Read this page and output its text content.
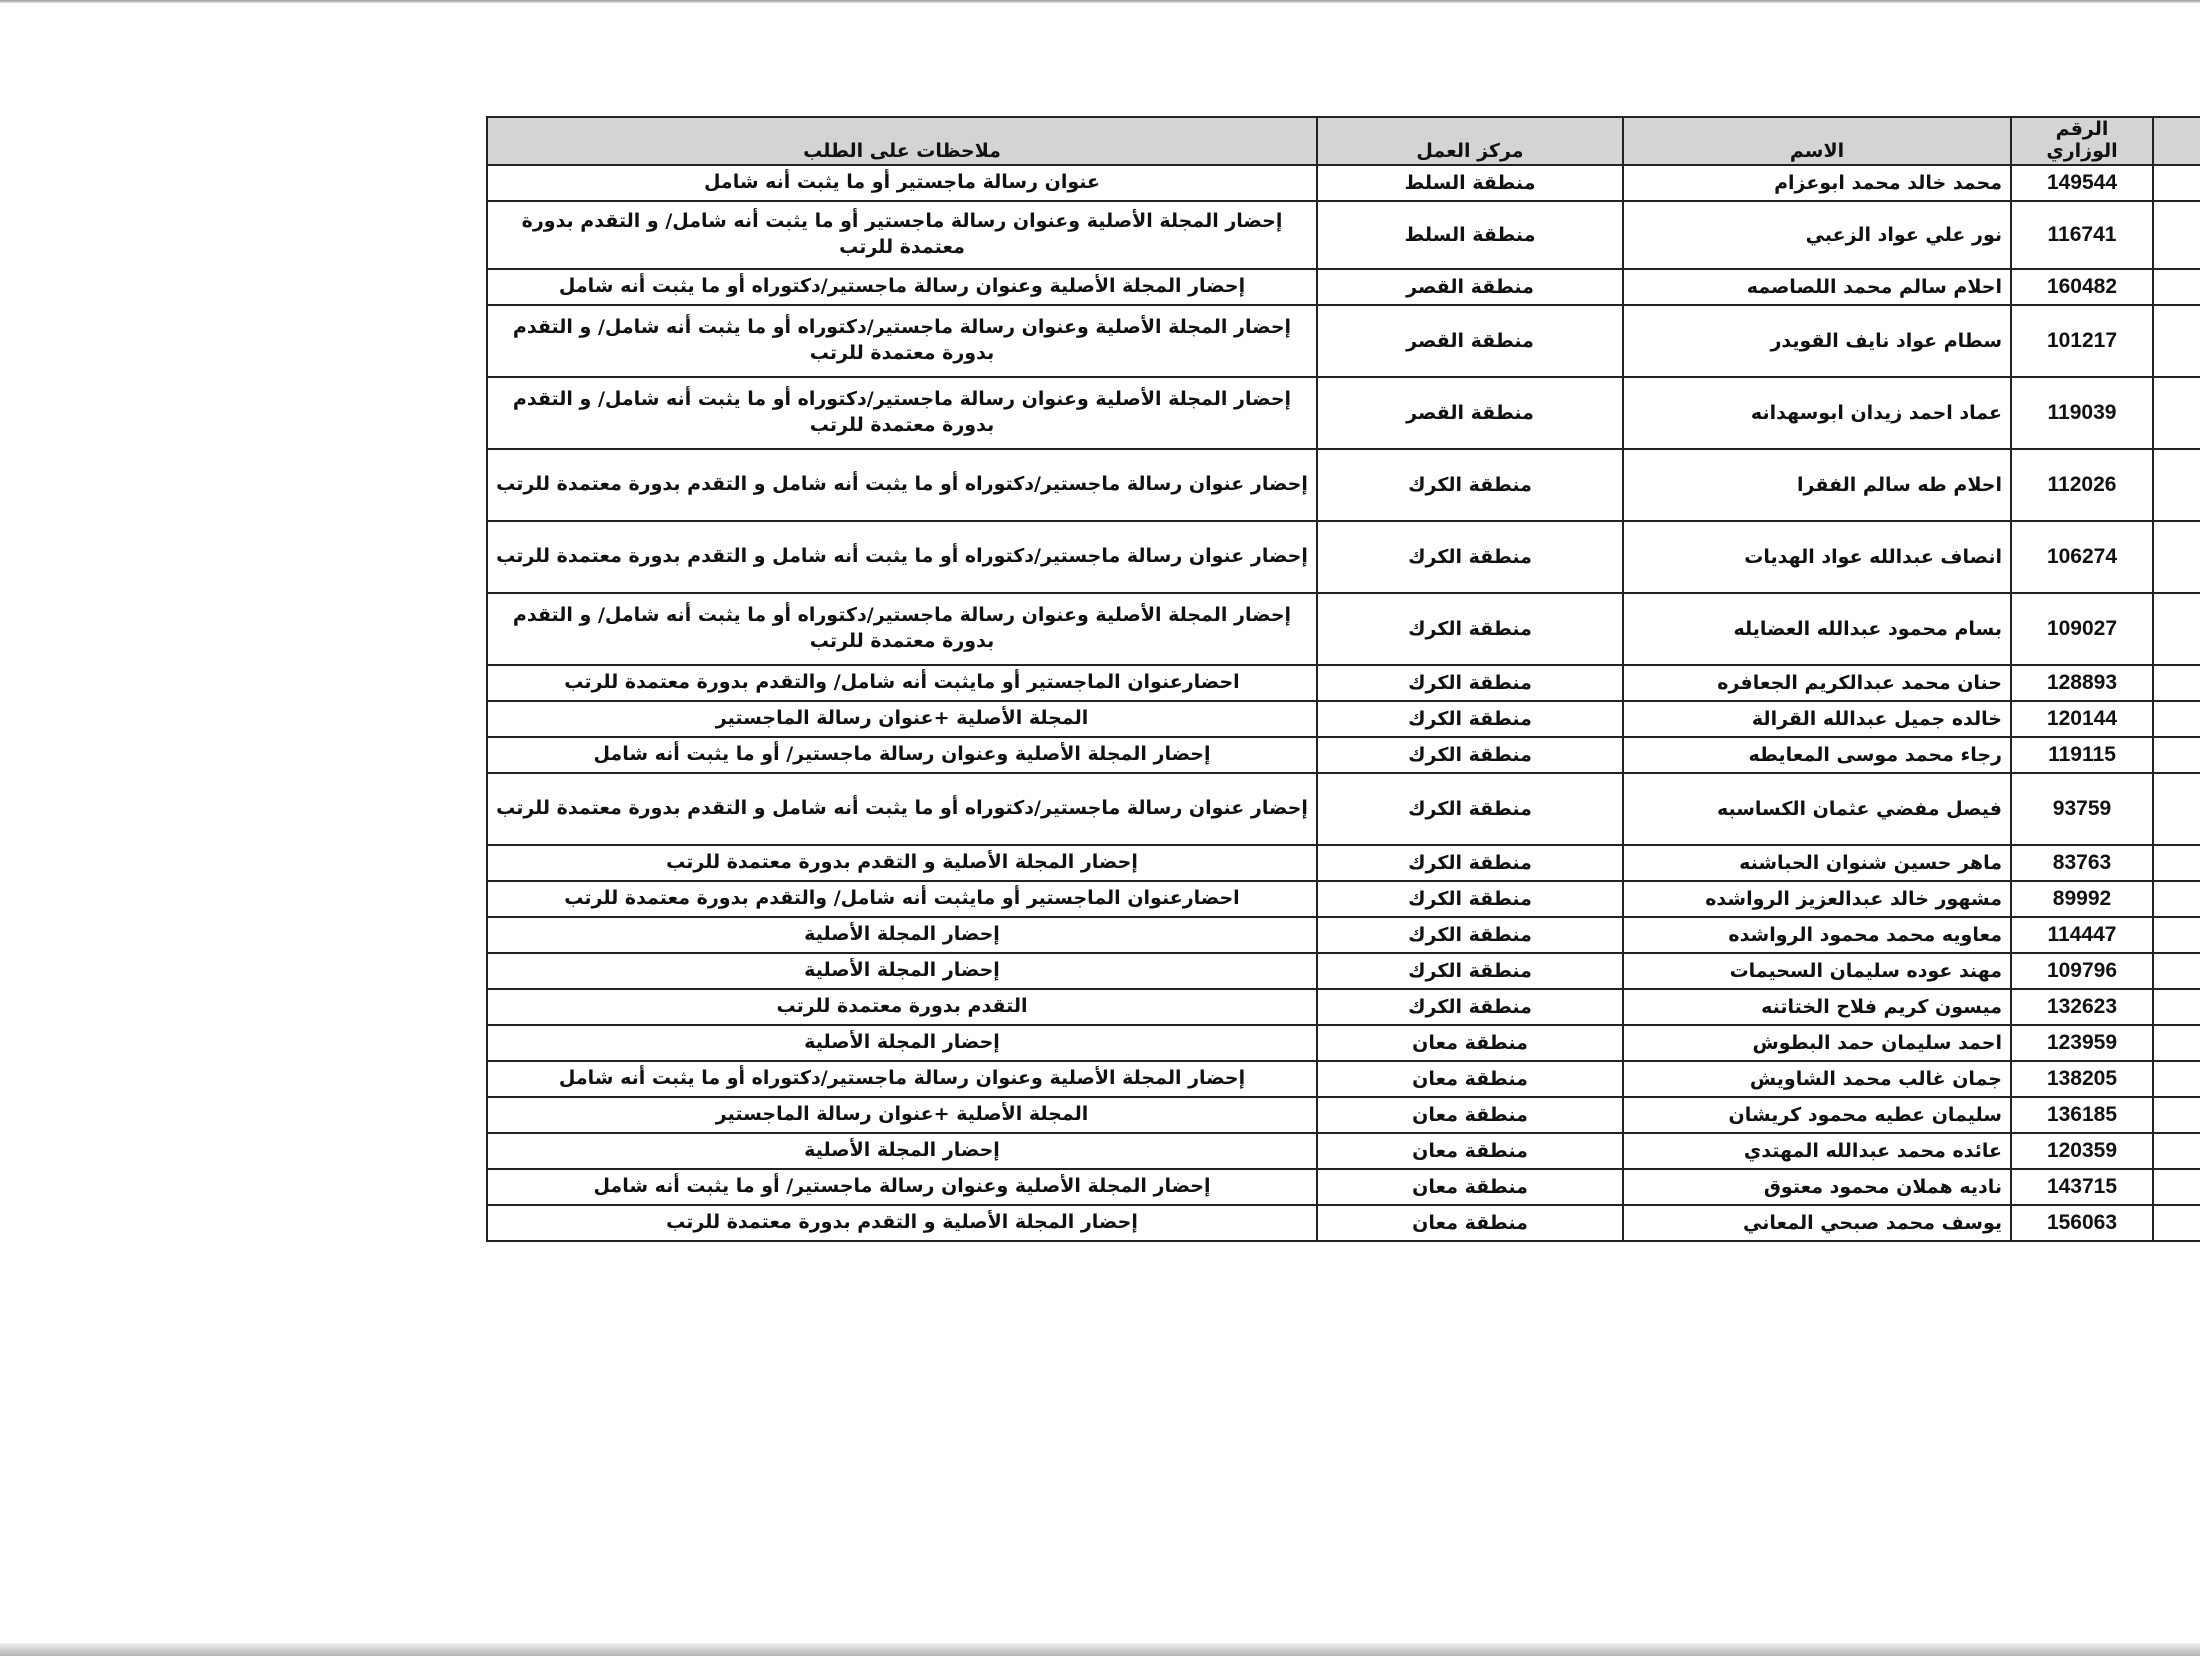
	الرقم الوزاري	الاسم	مركز العمل	ملاحظات على الطلب
	149544	محمد خالد محمد ابوعزام	منطقة السلط	عنوان رسالة ماجستير أو ما يثبت أنه شامل
	116741	نور علي عواد الزعبي	منطقة السلط	إحضار المجلة الأصلية وعنوان رسالة ماجستير أو ما يثبت أنه شامل/ و التقدم بدورة معتمدة للرتب
	160482	احلام سالم محمد اللصاصمه	منطقة القصر	إحضار المجلة الأصلية وعنوان رسالة ماجستير/دكتوراه أو ما يثبت أنه شامل
	101217	سطام عواد نايف القويدر	منطقة القصر	إحضار المجلة الأصلية وعنوان رسالة ماجستير/دكتوراه أو ما يثبت أنه شامل/ و التقدم بدورة معتمدة للرتب
	119039	عماد احمد زيدان ابوسهدانه	منطقة القصر	إحضار المجلة الأصلية وعنوان رسالة ماجستير/دكتوراه أو ما يثبت أنه شامل/ و التقدم بدورة معتمدة للرتب
	112026	احلام طه سالم الفقرا	منطقة الكرك	إحضار عنوان رسالة ماجستير/دكتوراه أو ما يثبت أنه شامل و التقدم بدورة معتمدة للرتب
	106274	انصاف عبدالله عواد الهديات	منطقة الكرك	إحضار عنوان رسالة ماجستير/دكتوراه أو ما يثبت أنه شامل و التقدم بدورة معتمدة للرتب
	109027	بسام محمود عبدالله العضايله	منطقة الكرك	إحضار المجلة الأصلية وعنوان رسالة ماجستير/دكتوراه أو ما يثبت أنه شامل/ و التقدم بدورة معتمدة للرتب
	128893	حنان محمد عبدالكريم الجعافره	منطقة الكرك	احضارعنوان الماجستير أو مايثبت أنه شامل/ والتقدم بدورة معتمدة للرتب
	120144	خالده جميل عبدالله القرالة	منطقة الكرك	المجلة الأصلية +عنوان رسالة الماجستير
	119115	رجاء محمد موسى المعايطه	منطقة الكرك	إحضار المجلة الأصلية وعنوان رسالة ماجستير/ أو ما يثبت أنه شامل
	93759	فيصل مفضي عثمان الكساسبه	منطقة الكرك	إحضار عنوان رسالة ماجستير/دكتوراه أو ما يثبت أنه شامل و التقدم بدورة معتمدة للرتب
	83763	ماهر حسين شنوان الحباشنه	منطقة الكرك	إحضار المجلة الأصلية و التقدم بدورة معتمدة للرتب
	89992	مشهور خالد عبدالعزيز الرواشده	منطقة الكرك	احضارعنوان الماجستير أو مايثبت أنه شامل/ والتقدم بدورة معتمدة للرتب
	114447	معاويه محمد محمود الرواشده	منطقة الكرك	إحضار المجلة الأصلية
	109796	مهند عوده سليمان السحيمات	منطقة الكرك	إحضار المجلة الأصلية
	132623	ميسون كريم فلاح الختاتنه	منطقة الكرك	التقدم بدورة معتمدة للرتب
	123959	احمد سليمان حمد البطوش	منطقة معان	إحضار المجلة الأصلية
	138205	جمان غالب محمد الشاويش	منطقة معان	إحضار المجلة الأصلية وعنوان رسالة ماجستير/دكتوراه أو ما يثبت أنه شامل
	136185	سليمان عطيه محمود كريشان	منطقة معان	المجلة الأصلية +عنوان رسالة الماجستير
	120359	عائده محمد عبدالله المهتدي	منطقة معان	إحضار المجلة الأصلية
	143715	ناديه هملان محمود معتوق	منطقة معان	إحضار المجلة الأصلية وعنوان رسالة ماجستير/ أو ما يثبت أنه شامل
	156063	يوسف محمد صبحي المعاني	منطقة معان	إحضار المجلة الأصلية و التقدم بدورة معتمدة للرتب
